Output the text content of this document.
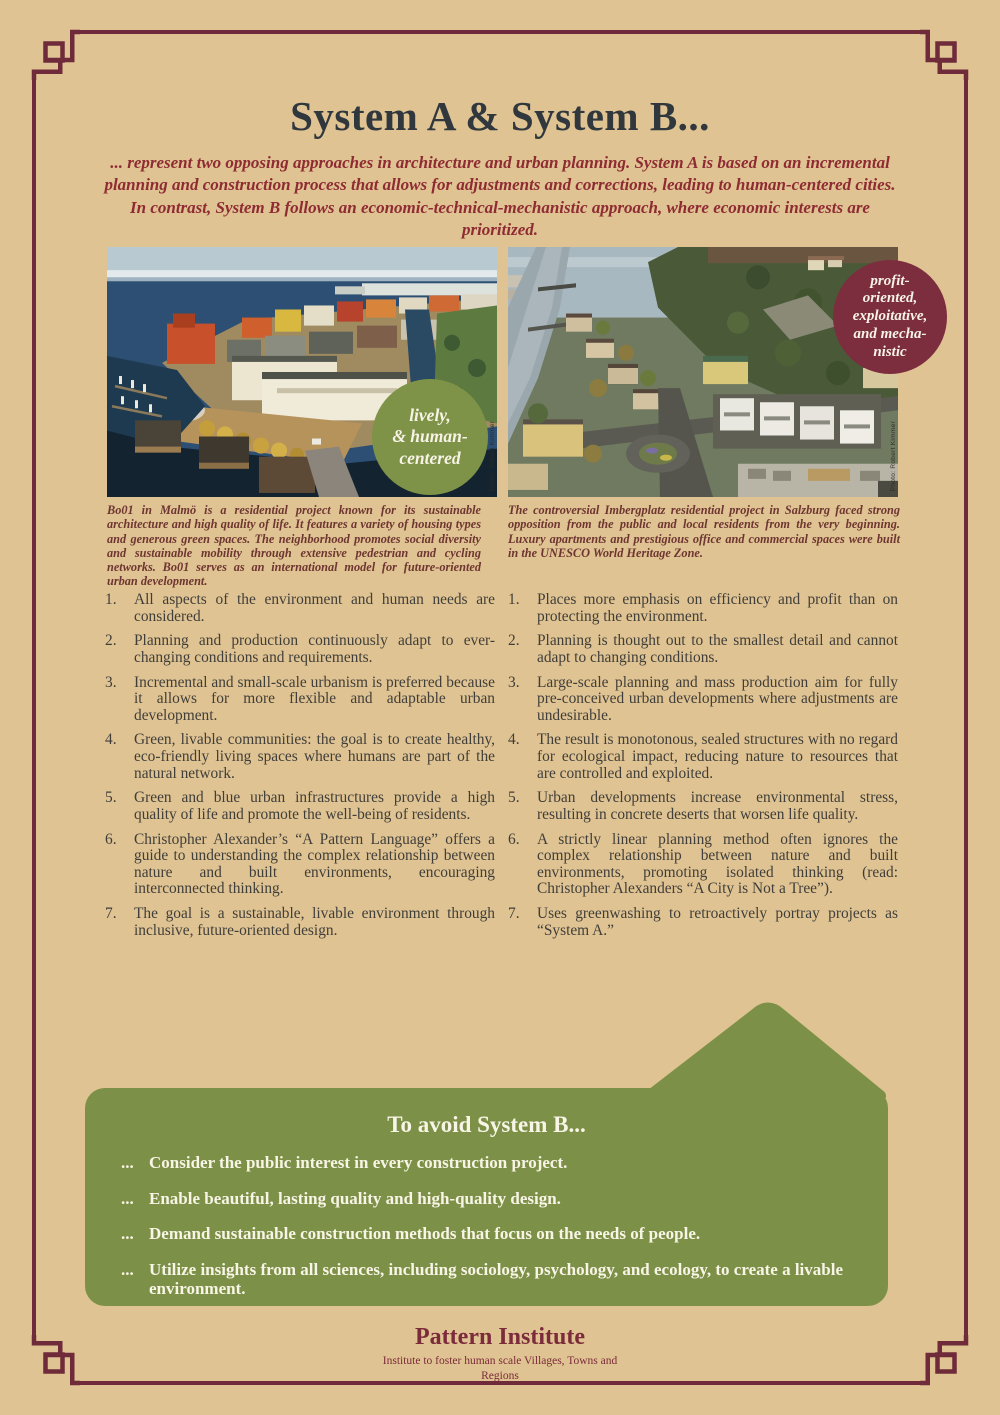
System A & System B...

... represent two opposing approaches in architecture and urban planning. System A is based on an incremental planning and construction process that allows for adjustments and corrections, leading to human-centered cities. In contrast, System B follows an economic-technical-mechanistic approach, where economic interests are prioritized.

Photo: Robert Kimmer	Photo: Robert Kimmer
lively,
& human-
centered
profit-
oriented,
exploitative,
and mecha-
nistic

Bo01 in Malmö is a residential project known for its sustainable architecture and high quality of life. It features a variety of housing types and generous green spaces. The neighborhood promotes social diversity and sustainable mobility through extensive pedestrian and cycling networks. Bo01 serves as an international model for future-oriented urban development.

The controversial Imbergplatz residential project in Salzburg faced strong opposition from the public and local residents from the very beginning. Luxury apartments and prestigious office and commercial spaces were built in the UNESCO World Heritage Zone.

All aspects of the environment and human needs are considered.
Planning and production continuously adapt to ever-changing conditions and requirements.
Incremental and small-scale urbanism is preferred because it allows for more flexible and adaptable urban development.
Green, livable communities: the goal is to create healthy, eco-friendly living spaces where humans are part of the natural network.
Green and blue urban infrastructures provide a high quality of life and promote the well-being of residents.
Christopher Alexander’s “A Pattern Language” offers a guide to understanding the complex relationship between nature and built environments, encouraging interconnected thinking.
The goal is a sustainable, livable environment through inclusive, future-oriented design.
Places more emphasis on efficiency and profit than on protecting the environment.
Planning is thought out to the smallest detail and cannot adapt to changing conditions.
Large-scale planning and mass production aim for fully pre-conceived urban developments where adjustments are undesirable.
The result is monotonous, sealed structures with no regard for ecological impact, reducing nature to resources that are controlled and exploited.
Urban developments increase environmental stress, resulting in concrete deserts that worsen life quality.
A strictly linear planning method often ignores the complex relationship between nature and built environments, promoting isolated thinking (read: Christopher Alexanders “A City is Not a Tree”).
Uses greenwashing to retroactively portray projects as “System A.”
To avoid System B...
... Consider the public interest in every construction project.
... Enable beautiful, lasting quality and high-quality design.
... Demand sustainable construction methods that focus on the needs of people.
... Utilize insights from all sciences, including sociology, psychology, and ecology, to create a livable environment.

Pattern Institute

Institute to foster human scale Villages, Towns and Regions
